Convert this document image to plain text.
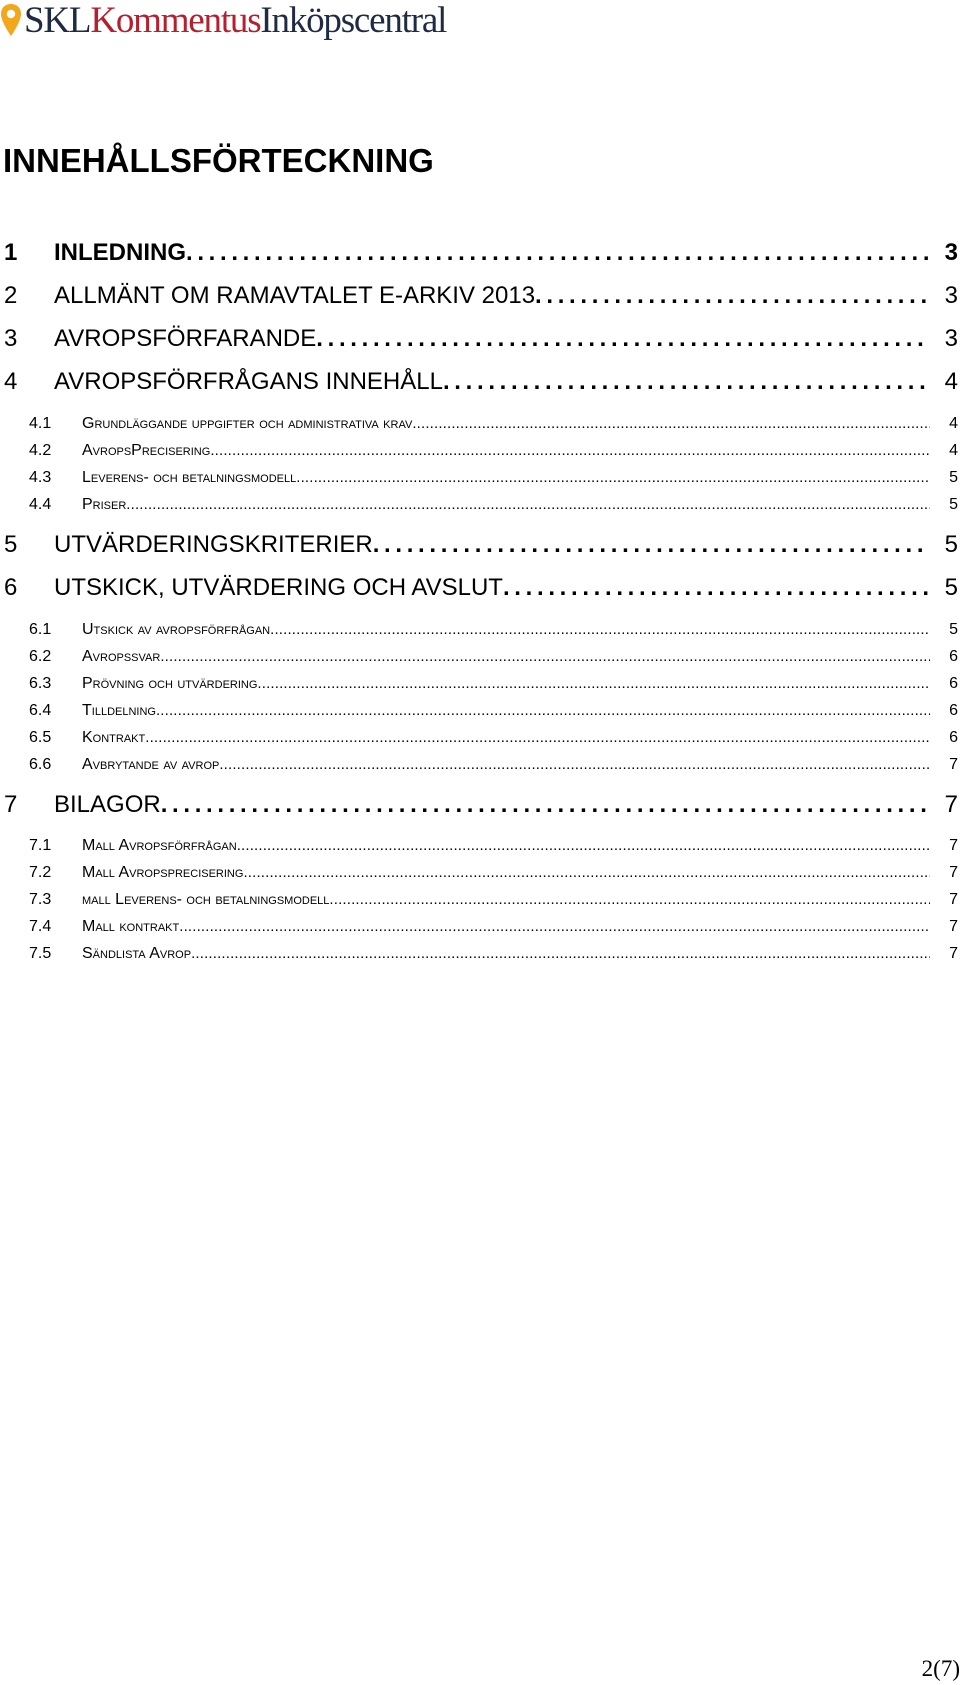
SKL Kommentus Inköpscentral
INNEHÅLLSFÖRTECKNING
1	INLEDNING . . .	3
2	ALLMÄNT OM RAMAVTALET E-ARKIV 2013 . . .	3
3	AVROPSFÖRFARANDE . . .	3
4	AVROPSFÖRFRÅGANS INNEHÅLL . . .	4
4.1	Grundläggande uppgifter och administrativa krav . . .	4
4.2	AvropsPrecisering . . .	4
4.3	Leverens- och betalningsmodell . . .	5
4.4	Priser . . .	5
5	UTVÄRDERINGSKRITERIER . . .	5
6	UTSKICK, UTVÄRDERING OCH AVSLUT . . .	5
6.1	Utskick av avropsförfrågan . . .	5
6.2	Avropssvar . . .	6
6.3	Prövning och utvärdering . . .	6
6.4	Tilldelning . . .	6
6.5	Kontrakt . . .	6
6.6	Avbrytande av avrop . . .	7
7	BILAGOR . . .	7
7.1	Mall Avropsförfrågan . . .	7
7.2	Mall Avropsprecisering . . .	7
7.3	mall Leverens- och betalningsmodell . . .	7
7.4	Mall kontrakt . . .	7
7.5	Sändlista Avrop . . .	7
2(7)
